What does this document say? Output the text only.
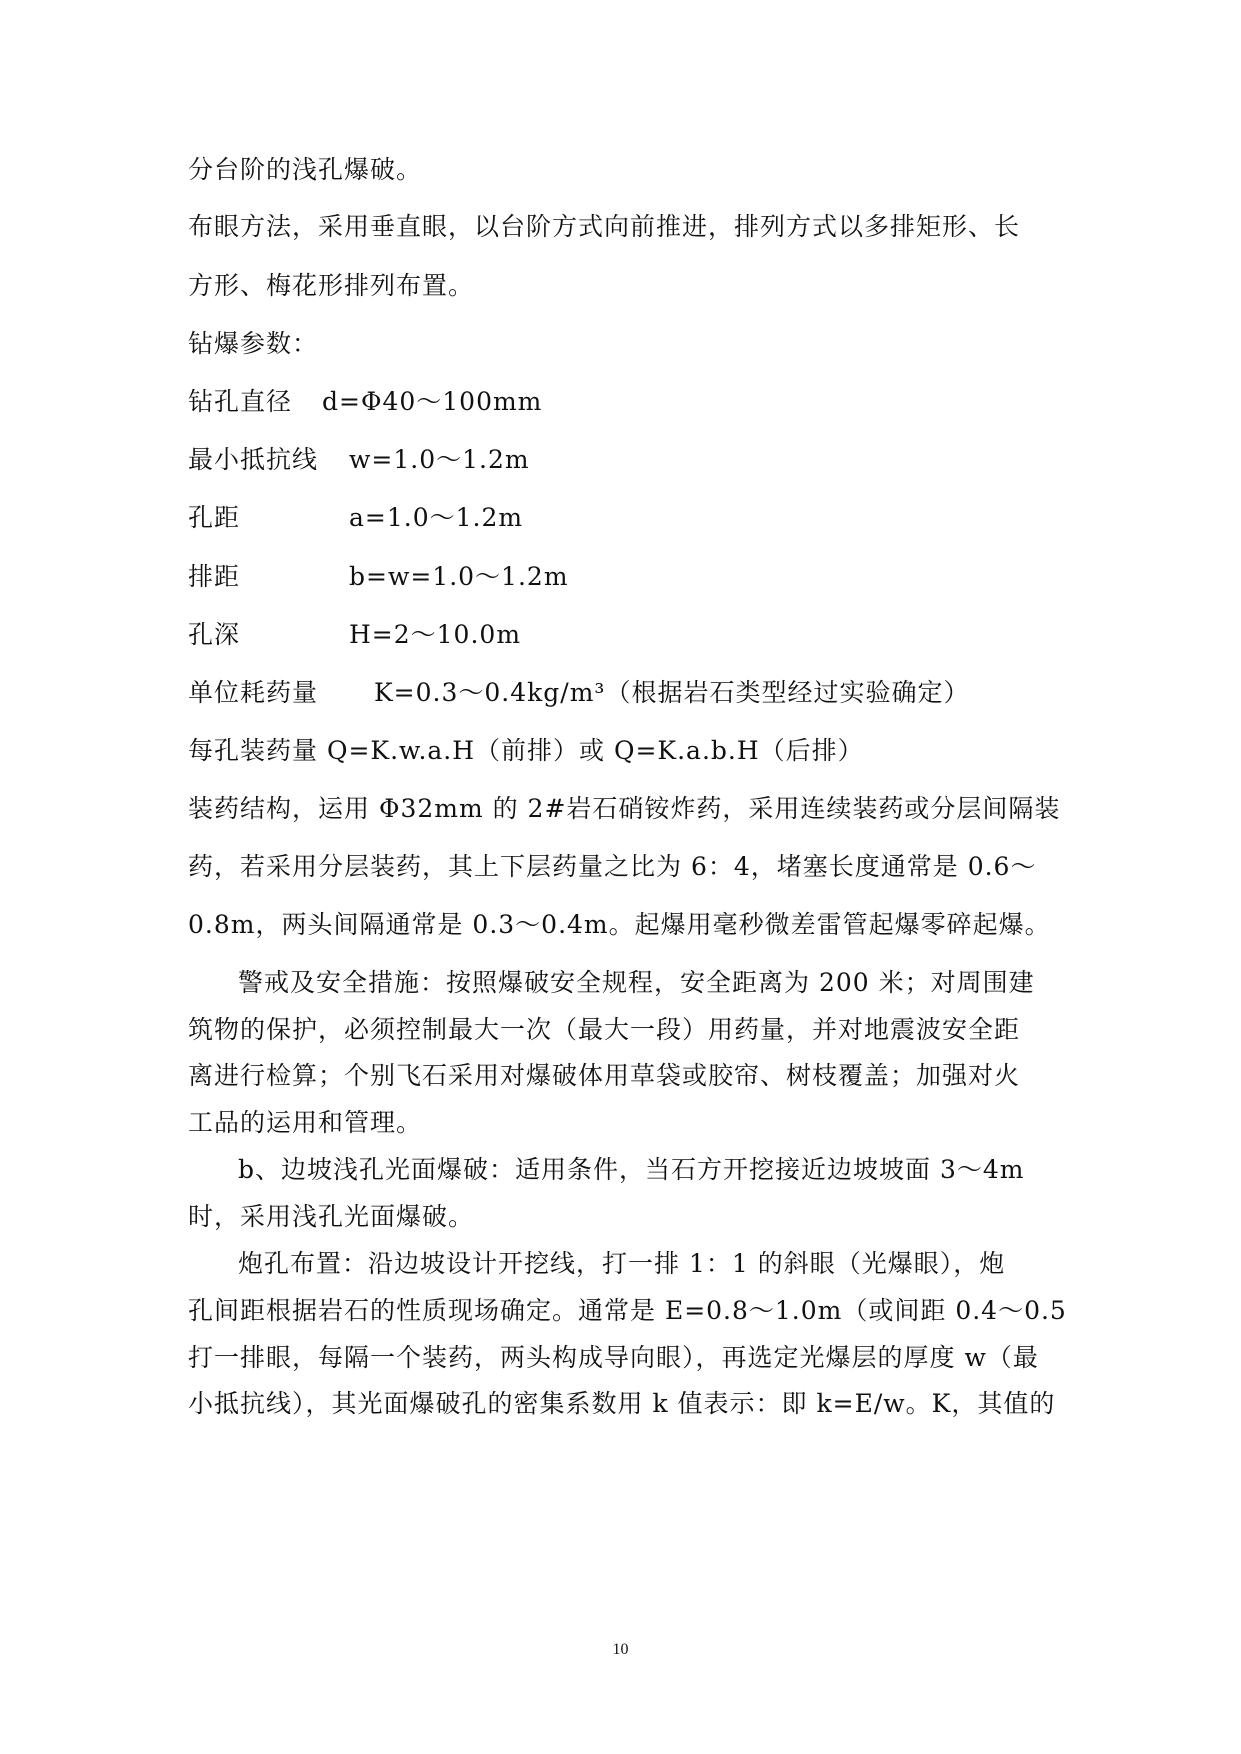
分台阶的浅孔爆破。
布眼方法，采用垂直眼，以台阶方式向前推进，排列方式以多排矩形、长
方形、梅花形排列布置。
钻爆参数：
钻孔直径 d=Φ40～100mm
最小抵抗线 w=1.0～1.2m
孔距	a=1.0～1.2m
排距	b=w=1.0～1.2m
孔深	H=2～10.0m
单位耗药量 K=0.3～0.4kg/m³（根据岩石类型经过实验确定）
每孔装药量 Q=K.w.a.H（前排）或 Q=K.a.b.H（后排）
装药结构，运用 Φ32mm 的 2#岩石硝铵炸药，采用连续装药或分层间隔装
药，若采用分层装药，其上下层药量之比为 6：4，堵塞长度通常是 0.6～
0.8m，两头间隔通常是 0.3～0.4m。起爆用毫秒微差雷管起爆零碎起爆。
警戒及安全措施：按照爆破安全规程，安全距离为 200 米；对周围建
筑物的保护，必须控制最大一次（最大一段）用药量，并对地震波安全距
离进行检算；个别飞石采用对爆破体用草袋或胶帘、树枝覆盖；加强对火
工品的运用和管理。
b、边坡浅孔光面爆破：适用条件，当石方开挖接近边坡坡面 3～4m
时，采用浅孔光面爆破。
炮孔布置：沿边坡设计开挖线，打一排 1：1 的斜眼（光爆眼），炮
孔间距根据岩石的性质现场确定。通常是 E=0.8～1.0m（或间距 0.4～0.5
打一排眼，每隔一个装药，两头构成导向眼），再选定光爆层的厚度 w（最
小抵抗线），其光面爆破孔的密集系数用 k 值表示：即 k=E/w。K，其值的
10
